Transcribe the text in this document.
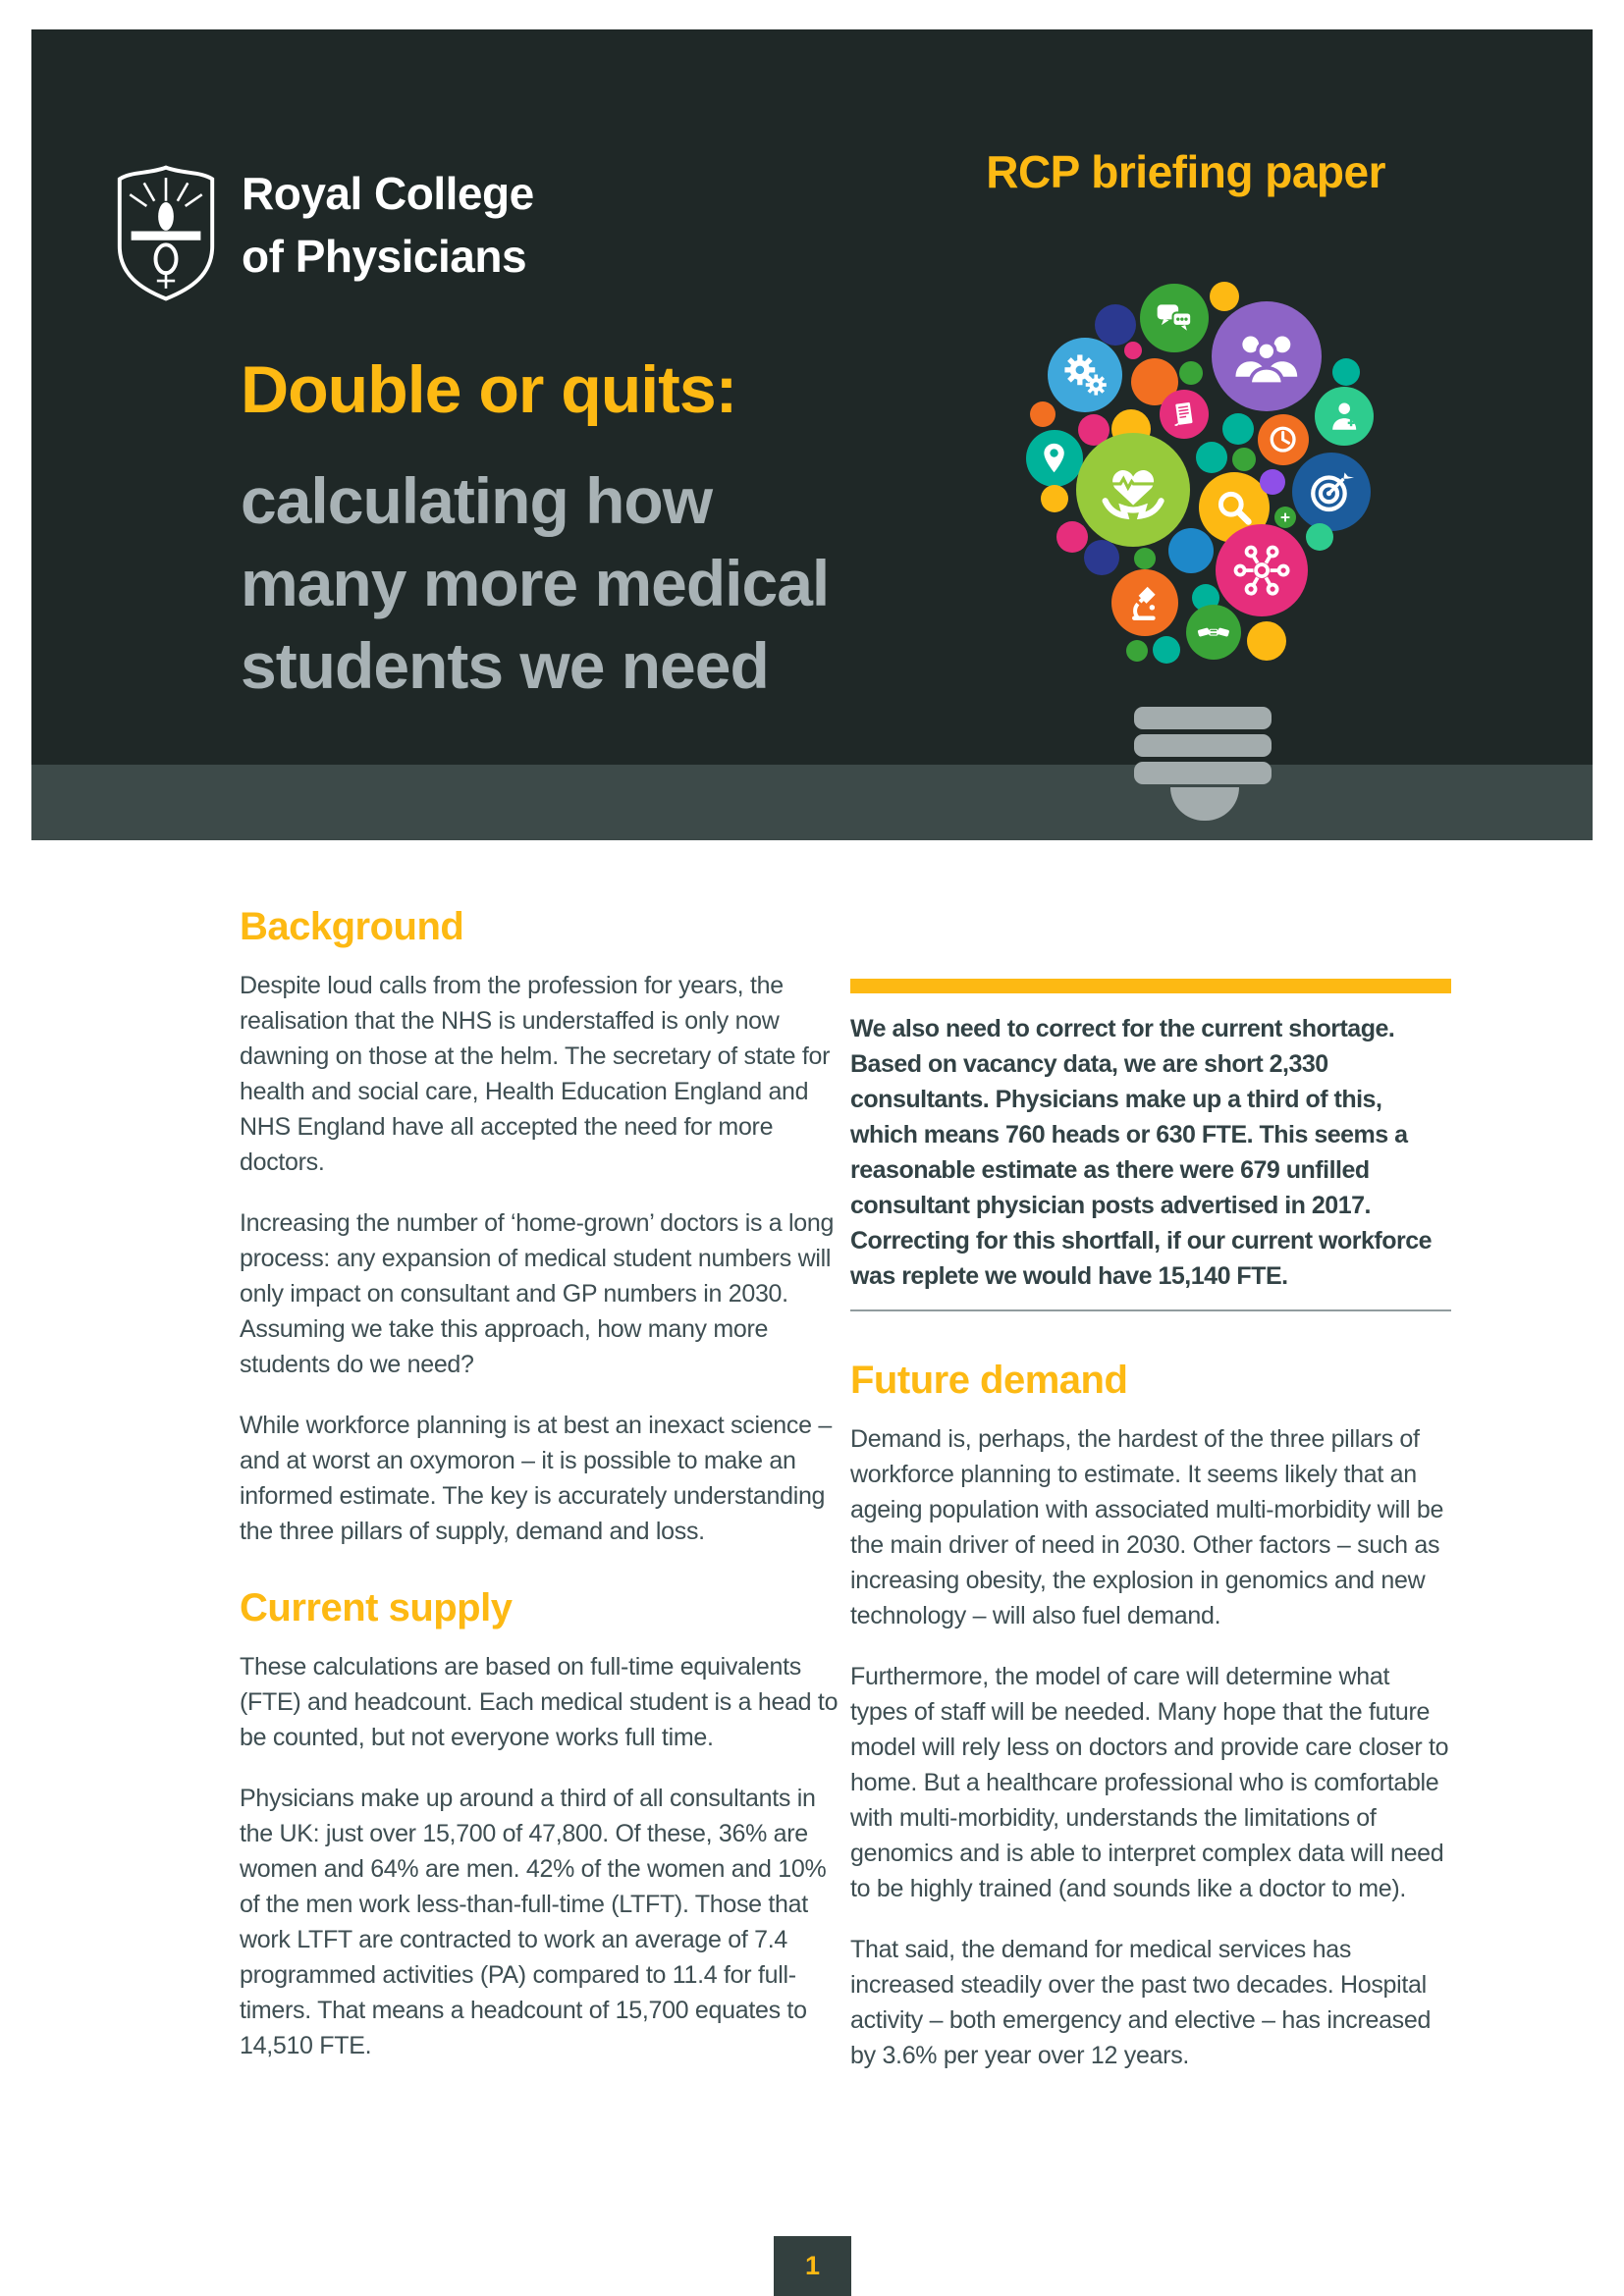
Royal College
of Physicians
RCP briefing paper
Double or quits:
calculating how
many more medical
students we need
Background

Despite loud calls from the profession for years, the realisation that the NHS is understaffed is only now dawning on those at the helm. The secretary of state for health and social care, Health Education England and NHS England have all accepted the need for more doctors.

Increasing the number of ‘home-grown’ doctors is a long process: any expansion of medical student numbers will only impact on consultant and GP numbers in 2030. Assuming we take this approach, how many more students do we need?

While workforce planning is at best an inexact science – and at worst an oxymoron – it is possible to make an informed estimate. The key is accurately understanding the three pillars of supply, demand and loss.

Current supply

These calculations are based on full-time equivalents (FTE) and headcount. Each medical student is a head to be counted, but not everyone works full time.

Physicians make up around a third of all consultants in the UK: just over 15,700 of 47,800. Of these, 36% are women and 64% are men. 42% of the women and 10% of the men work less-than-full-time (LTFT). Those that work LTFT are contracted to work an average of 7.4 programmed activities (PA) compared to 11.4 for full-timers. That means a headcount of 15,700 equates to 14,510 FTE.

We also need to correct for the current shortage. Based on vacancy data, we are short 2,330 consultants. Physicians make up a third of this, which means 760 heads or 630 FTE. This seems a reasonable estimate as there were 679 unfilled consultant physician posts advertised in 2017. Correcting for this shortfall, if our current workforce was replete we would have 15,140 FTE.

Future demand

Demand is, perhaps, the hardest of the three pillars of workforce planning to estimate. It seems likely that an ageing population with associated multi-morbidity will be the main driver of need in 2030. Other factors – such as increasing obesity, the explosion in genomics and new technology – will also fuel demand.

Furthermore, the model of care will determine what types of staff will be needed. Many hope that the future model will rely less on doctors and provide care closer to home. But a healthcare professional who is comfortable with multi-morbidity, understands the limitations of genomics and is able to interpret complex data will need to be highly trained (and sounds like a doctor to me).

That said, the demand for medical services has increased steadily over the past two decades. Hospital activity – both emergency and elective – has increased by 3.6% per year over 12 years.

1
